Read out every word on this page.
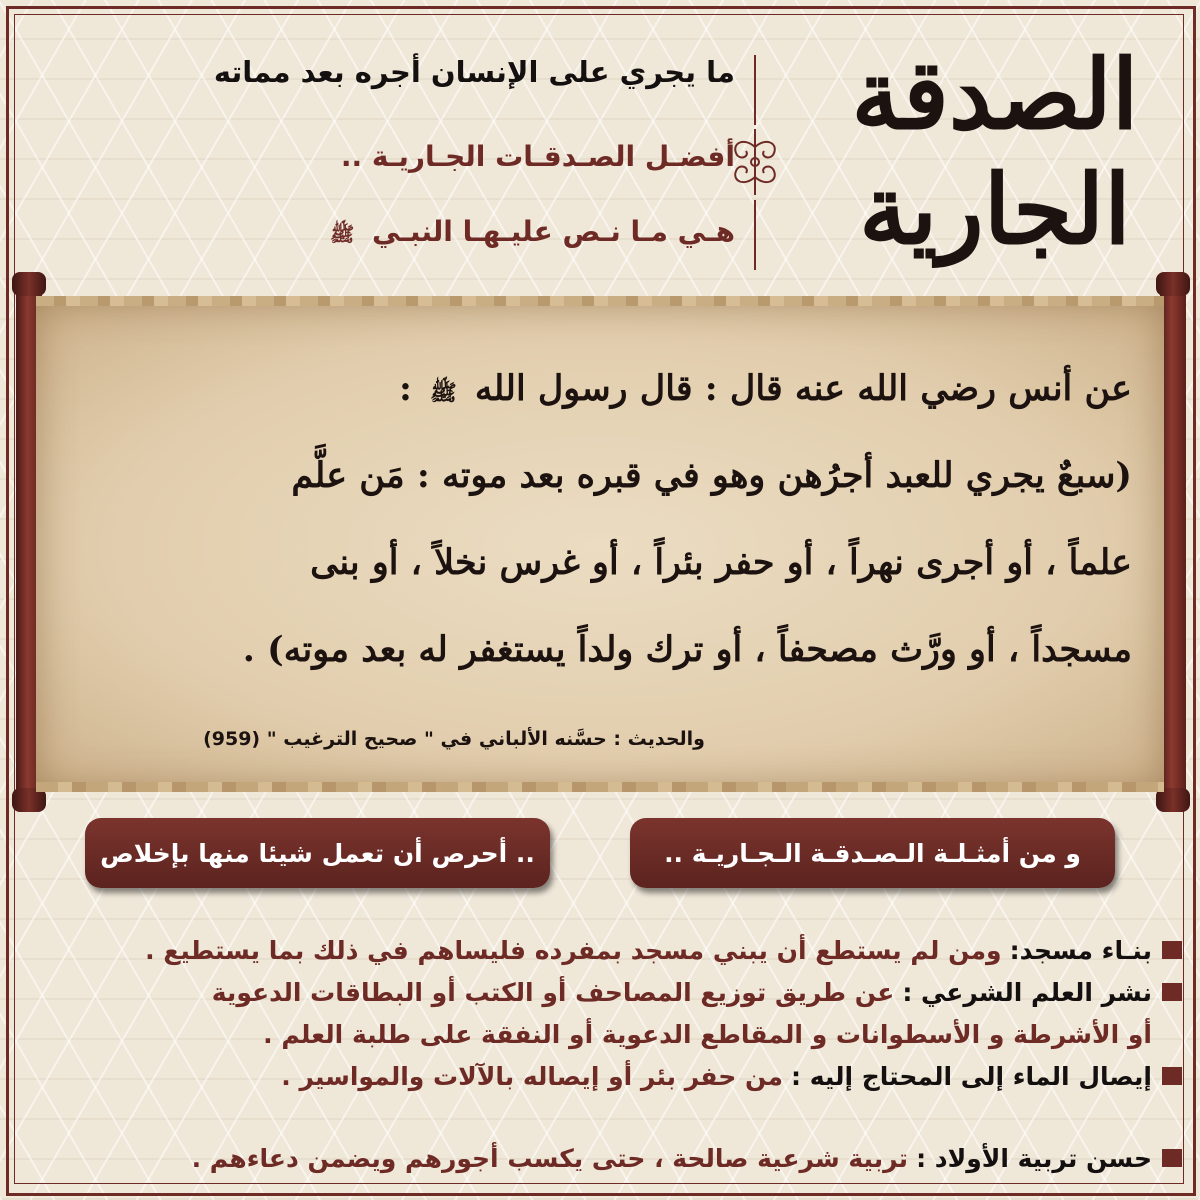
الصدقة
الجارية
ما يجري على الإنسان أجره بعد مماته
أفضـل الصـدقـات الجـاريـة ..
هـي مـا نـص عليـهـا النبـي ﷺ
عن أنس رضي الله عنه قال : قال رسول الله ﷺ :
(سبعٌ يجري للعبد أجرُهن وهو في قبره بعد موته : مَن علَّم
علماً ، أو أجرى نهراً ، أو حفر بئراً ، أو غرس نخلاً ، أو بنى
مسجداً ، أو ورَّث مصحفاً ، أو ترك ولداً يستغفر له بعد موته) .
والحديث : حسَّنه الألباني في " صحيح الترغيب " (959)
و من أمثـلـة الـصـدقـة الـجـاريـة ..
.. أحرص أن تعمل شيئا منها بإخلاص
بنـاء مسجد:
ومن لم يستطع أن يبني مسجد بمفرده فليساهم في ذلك بما يستطيع .
نشر العلم الشرعي :
عن طريق توزيع المصاحف أو الكتب أو البطاقات الدعوية
أو الأشرطة و الأسطوانات و المقاطع الدعوية أو النفقة على طلبة العلم .
إيصال الماء إلى المحتاج إليه :
من حفر بئر أو إيصاله بالآلات والمواسير .
حسن تربية الأولاد :
تربية شرعية صالحة ، حتى يكسب أجورهم ويضمن دعاءهم .
